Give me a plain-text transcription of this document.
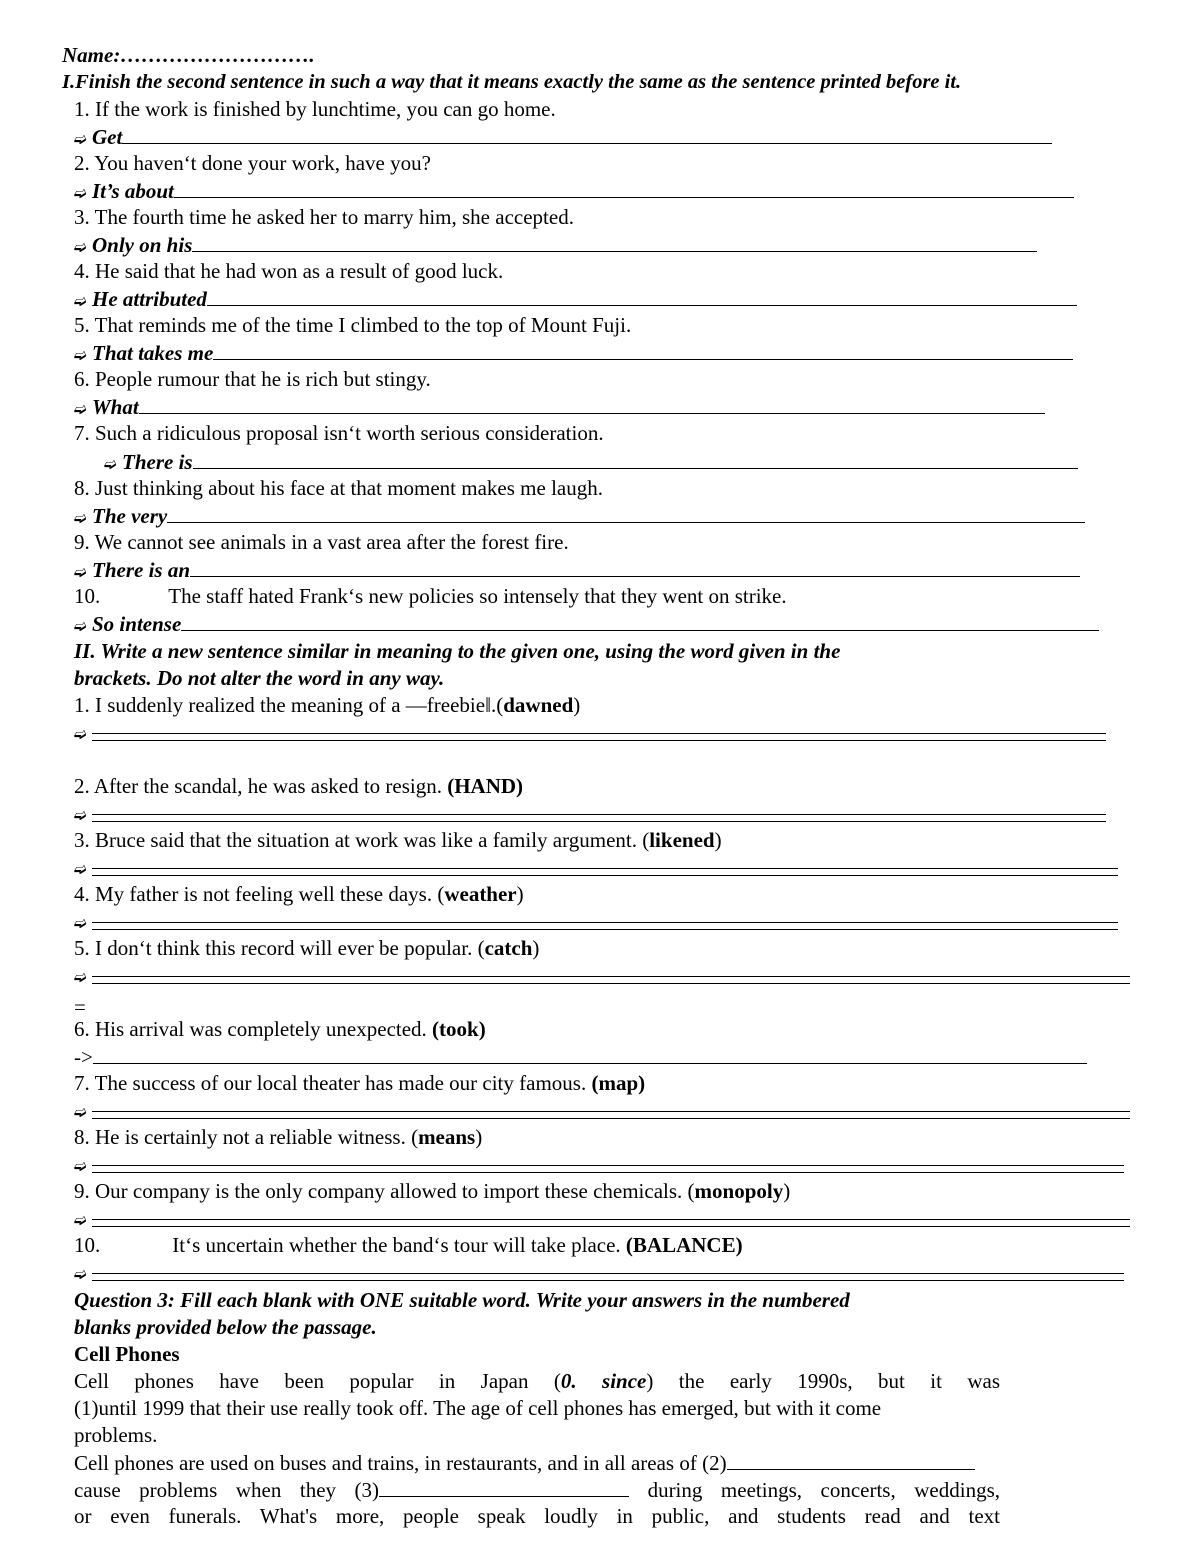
Name:……………………….
I.Finish the second sentence in such a way that it means exactly the same as the sentence printed before it.
1. If the work is finished by lunchtime, you can go home.
➫ Get
2. You haven‘t done your work, have you?
➫ It’s about
3. The fourth time he asked her to marry him, she accepted.
➫ Only on his
4. He said that he had won as a result of good luck.
➫ He attributed
5. That reminds me of the time I climbed to the top of Mount Fuji.
➫ That takes me
6. People rumour that he is rich but stingy.
➫ What
7. Such a ridiculous proposal isn‘t worth serious consideration.
➫ There is
8. Just thinking about his face at that moment makes me laugh.
➫ The very
9. We cannot see animals in a vast area after the forest fire.
➫ There is an
10.	The staff hated Frank‘s new policies so intensely that they went on strike.
➫ So intense
II. Write a new sentence similar in meaning to the given one, using the word given in the
brackets. Do not alter the word in any way.
1. I suddenly realized the meaning of a ―freebie‖.(dawned)
➫
2. After the scandal, he was asked to resign. (HAND)
➫
3. Bruce said that the situation at work was like a family argument. (likened)
➫
4. My father is not feeling well these days. (weather)
➫
5. I don‘t think this record will ever be popular. (catch)
➫
=
6. His arrival was completely unexpected. (took)
->
7. The success of our local theater has made our city famous. (map)
➫
8. He is certainly not a reliable witness. (means)
➫
9. Our company is the only company allowed to import these chemicals. (monopoly)
➫
10.	It‘s uncertain whether the band‘s tour will take place. (BALANCE)
➫
Question 3: Fill each blank with ONE suitable word. Write your answers in the numbered
blanks provided below the passage.
Cell Phones
Cell phones have been popular in Japan (0. since) the early 1990s, but it was
(1)until 1999 that their use really took off. The age of cell phones has emerged, but with it come
problems.
Cell phones are used on buses and trains, in restaurants, and in all areas of (2)
cause problems when they (3)	during meetings, concerts, weddings,
or even funerals. What's more, people speak loudly in public, and students read and text
